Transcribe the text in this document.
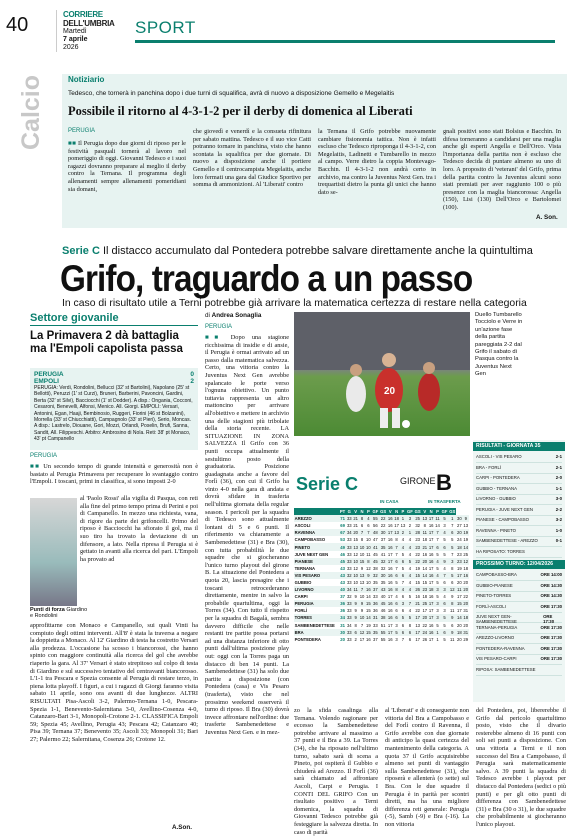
40	CORRIERE DELL'UMBRIA
Martedì
7 aprile
2026
SPORT
Calcio	Notiziario
Tedesco, che tornerà in panchina dopo i due turni di squalifica, avrà di nuovo a disposizione Gemello e Megelaitis
Possibile il ritorno al 4-3-1-2 per il derby di domenica al Liberati
PERUGIA

■■ Il Perugia dopo due giorni di riposo per le festività pasquali tornerà al lavoro nel pomeriggio di oggi. Giovanni Tedesco e i suoi ragazzi dovranno preparare al meglio il derby contro la Ternana. Il programma degli allenamenti sempre allenamenti pomeridiani sia domani,

che giovedì e venerdì e la consueta rifinitura per sabato mattina. Tedesco e il suo vice Catti potranno tornare in panchina, visto che hanno scontata la squalifica per due giornate. Di nuovo a disposizione anche il portiere Gemello e il centrocampista Megelaitis, anche loro fermati una gara dal Giudice Sportivo per somma di ammonizioni. Al 'Liberati' contro

la Ternana il Grifo potrebbe nuovamente cambiare fisionomia tattica. Non è infatti escluso che Tedesco riproponga il 4-3-1-2, con Megelaitis, Ladinetti e Tumbarello in mezzo al campo. Verre dietro la coppia Montevago-Bacchin. Il 4-3-1-2 non andrà certo in archivio, ma contro la Juventus Next Gen. tra i trequartisti dietro la punta gli unici che hanno dato se-

gnali positivi sono stati Bolsius e Bacchin. In difesa torneranno a candidarsi per una maglia anche gli esperti Angella e Dell'Orco. Vista l'importanza della partita non è escluso che Tedesco decida di puntare almeno su uno di loro. A proposito di 'veterani' del Grifo, prima della partita contro la Juventus alcuni sono stati premiati per aver raggiunto 100 o più presenze con la maglia biancorossa: Angella (150), Lisi (130) Dell'Orco e Bartolomei (100).

A. Son.
Serie C Il distacco accumulato dal Pontedera potrebbe salvare direttamente anche la quintultima
Grifo, traguardo a un passo
In caso di risultato utile a Terni potrebbe già arrivare la matematica certezza di restare nella categoria
Settore giovanile
La Primavera 2 dà battaglia ma l'Empoli capolista passa
PERUGIA	0
EMPOLI	2
PERUGIA: Verdi, Rondolini, Bellucci (32' st Bartolini), Napolano (25' st Bellotti), Peruzzi (1' st Curzi), Bruneri, Barberini, Pavoncini, Gardini, Berta (32' st Silvi), Bacciocchi (1' st Dodder). A disp.: Ongania, Cocconi, Cesaroni, Benevelli, Alfonsi, Menico. All. Giorgi. EMPOLI: Versari, Antonini, Egan, Haaji, Bembinosio, Ruggeri, Fiorini (46 st Bolzanini), Morrella (33' st Chiucchiatti), Campagnolo (33' st Pieri), Serio, Moncas. A disp.: Lastrelo, Diouane, Gori, Mozzi, Orlandi, Poselin, Brufi, Sanna, Sandit, All. Filippeschi. Arbitro: Ambrosino di Nola. Reti: 38' pt Monaco, 43' pt Campanello
PERUGIA

■■ Un secondo tempo di grande intensità e generosità non è bastato al Perugia Primavera per recuperare lo svantaggio contro l'Empoli. I toscani, primi in classifica, si sono imposti 2-0

al 'Paolo Rossi' alla vigilia di Pasqua, con reti alla fine del primo tempo prima di Perini e poi di Campanello. In mezzo una richiesta, vana, di rigore da parte dei grifoncelli. Primo del riposo è Bacciocchi ha sfiorato il gol, ma il suo tiro ha trovato la deviazione di un difensore, a lato. Nella ripresa il Perugia si è gettato in avanti alla ricerca del pari. L'Empoli ha provato ad

Punti di forza Giardino e Rondolini

approfittarne con Monaco e Campanello, sui quali Vinti ha compiuto degli ottimi interventi. All'8' è stata la traversa a negare la doppietta a Monaco. Al 12' Giardino di testa ha costretto Versari alla prodezza. L'occasione ha scosso i biancorossi, che hanno spinto con maggiore continuità alla ricerca del gol che avrebbe riaperto la gara. Al 37' Versari è stato strepitoso sul colpo di testa di Giardino e sul successivo tentativo del centravanti biancorosso. L'1-1 tra Pescara e Spezia consente al Perugia di restare terzo, in piena lotta playoff. I figuri, a cui i ragazzi di Giorgi faranno visita sabato 11 aprile, sono ora avanti di due lunghezze. ALTRI RISULTATI Pisa-Ascoli 3-2, Palermo-Ternana 1-0, Pescara-Spezia 1-1, Benevento-Salernitana 3-0, Avellino-Cosenza 4-0, Catanzaro-Bari 3-1, Monopoli-Crotone 2-1. CLASSIFICA Empoli 59; Spezia 45; Avellino, Perugia 43; Pescara 42; Catanzaro 40; Pisa 39; Ternana 37; Benevento 35; Ascoli 33; Monopoli 31; Bari 27; Palermo 22; Salernitana, Cosenza 26; Crotone 12.

A.Son.
di Andrea Sonaglia
PERUGIA

■■ Dopo una stagione ricchissima di insidie e di ansie, il Perugia è ormai arrivato ad un passo dalla matematica salvezza. Certo, una vittoria contro la Juventus Next Gen avrebbe spalancato le porte verso l'ognuna obiettivo. Un punto tuttavia rappresenta un altro mattoncino per arrivare all'obiettivo e mettere in archivio una delle stagioni più tribolate della storia recente. LA SITUAZIONE IN ZONA SALVEZZA Il Grifo con 36 punti occupa attualmente il sestultimo posto della graduatoria. Posizione guadagnata anche a favore del Forlì (36), con cui il Grifo ha vinto 4-0 nella gara di andata e dovrà sfidare in trasferta nell'ultima giornata della regular season. I pericoli per la squadra di Tedesco sono attualmente lontani di 5 e 6 punti. Il riferimento va chiaramente a Sambenedettese (31) e Bra (30), con tutta probabilità le due squadre che si giocheranno l'unico turno playout del girone B. La situazione del Pontedera a quota 20, lascia presagire che i toscani retrocederanno direttamente, mentre in salvo la probabile quartultima, oggi la Torres (34). Con tutto il rispetto per la squadra di Bagalà, sembra davvero difficile che nelle restanti tre partite possa portarsi ad una distanza inferiore di otto punti dall'ultima posizione play out: oggi con la Torres paga un distacco di ben 14 punti. La Sambenedettese (31) ha solo due partite a disposizione (con Pontedera (casa) e Vis Pesaro (trasferta), visto che nel prossimo weekend osserverà il turno di riposo. Il Bra (30) dovrà invece affrontare nell'ordine: due trasferte Sambenedettese e Juventus Next Gen. e in mez-

20
Duello Tumbarello Tocciolo e Verre in un'azione fase della partita pareggiata 2-2 dal Grifo il sabato di Pasqua contro la Juventus Next Gen
Serie C	GIRONE B
IN CASA	IN TRASFERTA
	PT	G	V	N	P	GF	GS	V	N	P	GF	GS	V	N	P	GF	GS		
AREZZO	71	33	21	8	4	55	22	16	18	1	3	25	13	17	11	5	1	30	9
ASCOLI	69	33	21	6	6	56	22	16	17	13	2	32	8	16	14	3	7	27	13
RAVENNA	67	34	20	7	7	48	30	17	13	2	1	28	11	17	7	4	6	20	19
CAMPOBASSO	53	33	15	8	10	47	37	16	8	4	4	23	18	17	7	5	5	24	19
PINETO	49	33	13	10	10	41	35	16	7	4	4	23	21	17	6	6	5	18	14
JUVE NEXT GEN	46	33	12	10	11	45	41	17	7	5	4	22	16	16	5	5	7	23	25
PIANESE	45	33	10	15	8	45	32	17	6	6	5	22	20	16	4	9	3	23	12
TERNANA	43	33	12	9	12	38	32	16	7	5	4	19	14	17	5	4	8	19	18
VIS PESARO	43	32	10	13	9	32	30	16	6	6	4	15	14	16	4	7	5	17	16
GUBBIO	43	33	10	13	10	35	35	16	5	7	4	15	15	17	5	6	6	20	20
LIVORNO	40	34	11	7	16	37	43	16	8	4	4	26	23	18	3	3	12	11	20
CARPI	37	32	9	10	14	33	40	17	4	6	5	16	18	16	5	4	9	17	22
PERUGIA	36	33	9	9	15	36	45	16	6	3	7	21	25	17	3	6	8	15	20
FORLÌ	36	33	9	9	15	36	46	16	6	6	4	22	17	17	3	3	11	17	31
TORRES	34	33	9	10	14	31	38	16	6	5	5	17	20	17	3	5	9	14	18
SAMBENEDETTESE	31	34	8	7	19	33	51	17	3	6	8	13	22	16	5	5	6	20	20
BRA	30	33	6	12	15	35	55	17	5	6	6	17	24	16	1	6	9	18	31
PONTEDERA	20	33	2	17	16	37	55	16	3	7	6	17	26	17	1	5	11	20	29
RISULTATI - GIORNATA 35
ASCOLI - VIS PESARO	2-1
BRA - FORLÌ	2-1
CARPI - PONTEDERA	2-0
GUBBIO - TERNANA	1-1
LIVORNO - GUBBIO	3-0
PERUGIA - JUVE NEXT GEN	2-2
PIANESE - CAMPOBASSO	3-2
RAVENNA - PINETO	1-0
SAMBENEDETTESE - AREZZO	0-1
HA RIPOSATO: TORRES
PROSSIMO TURNO: 12/04/2026
CAMPOBASSO-BRA	ORE 14:00
GUBBIO-PIANESE	ORE 14:30
PINETO-TORRES	ORE 14:30
FORLÌ-ASCOLI	ORE 17:30
JUVE NEXT GEN-SAMBENEDETTESE
ORE 17:30
TERNANA-PERUGIA	ORE 17:30
AREZZO-LIVORNO	ORE 17:30
PONTEDERA-RAVENNA	ORE 17:30
VIS PESARO-CARPI	ORE 17:30
RIPOSA: SAMBENEDETTESE

zo la sfida casalinga alla Ternana. Volendo ragionare per eccesso la Sambenedettese potrebbe arrivare al massimo a 37 punti e il Bra a 39. La Torres (34), che ha riposato nell'ultimo turno, sabato sarà di scena a Pineto, poi ospiterà il Gubbio e chiuderà ad Arezzo. Il Forlì (36) sarà chiamato ad affrontare Ascoli, Carpi e Perugia. I CONTI DEL GRIFO Con un risultato positivo a Terni domenica, la squadra di Giovanni Tedesco potrebbe già festeggiare la salvezza diretta. In caso di parità

al 'Liberati' e di conseguente non vittoria del Bra a Campobasso e del Forlì contro il Ravenna, il Grifo avrebbe con due giornate di anticipo la quasi certezza del mantenimento della categoria. A quota 37 il Grifo acquisirebbe almeno sei punti di vantaggio sulla Sambenedettese (31), che riposerà e allenterà (o sette) sul Bra. Con le due squadre il Perugia è in parità per scontri diretti, ma ha una migliore differenza reti generale: Perugia (-5), Samb (-9) e Bra (-16). La non vittoria

del Pontedera, poi, libererebbe il Grifo dal pericolo quartultimo posto, visto che il divario resterebbe almeno di 16 punti con soli sei punti a disposizione. Con una vittoria a Terni e il non successo del Bra a Campobasso, il Perugia sarà matematicamente salvo. A 39 punti la squadra di Tedesco avrebbe i playout per distacco dal Pontedera (sedici o più punti) e per gli otto punti di differenza con Sambenedettese (31) e Bra (30 o 31), le due squadre che probabilmente si giocheranno l'unico playout.
